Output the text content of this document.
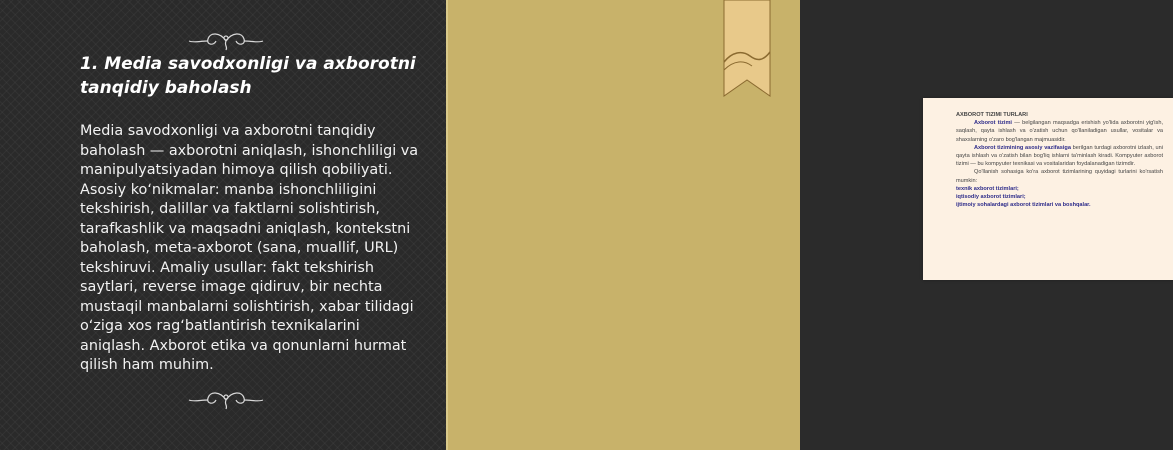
1. Media savodxonligi va axborotni tanqidiy baholash

Media savodxonligi va axborotni tanqidiy baholash — axborotni aniqlash, ishonchliligi va manipulyatsiyadan himoya qilish qobiliyati. Asosiy koʻnikmalar: manba ishonchliligini tekshirish, dalillar va faktlarni solishtirish, tarafkashlik va maqsadni aniqlash, kontekstni baholash, meta-axborot (sana, muallif, URL) tekshiruvi. Amaliy usullar: fakt tekshirish saytlari, reverse image qidiruv, bir nechta mustaqil manbalarni solishtirish, xabar tilidagi oʻziga xos ragʻbatlantirish texnikalarini aniqlash. Axborot etika va qonunlarni hurmat qilish ham muhim.

AXBOROT TIZIMI TURLARI

Axborot tizimi — belgilangan maqsadga erishish yo'lida axborotni yig'ish, saqlash, qayta ishlash va o'zatish uchun qo'llaniladigan usullar, vositalar va shaxslarning o'zaro bog'langan majmuasidir.

Axborot tizimining asosiy vazifasiga berilgan turdagi axborotni izlash, uni qayta ishlash va o'zatish bilan bog'liq ishlarni ta'minlash kiradi. Kompyuter axborot tizimi — bu kompyuter texnikasi va vositalaridan foydalanadigan tizimdir.

Qo'llanish sohasiga ko'ra axborot tizimlarining quyidagi turlarini ko'rsatish mumkin:

texnik axborot tizimlari;

iqtisodiy axborot tizimlari;

ijtimoiy sohalardagi axborot tizimlari va boshqalar.
